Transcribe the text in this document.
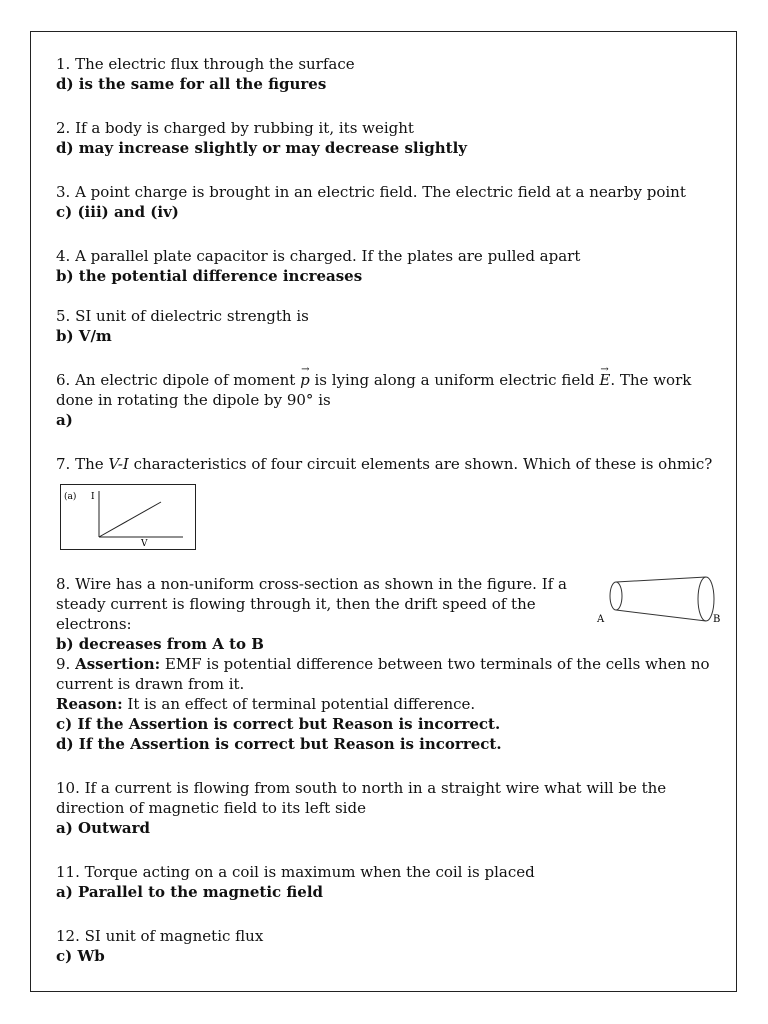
1. The electric flux through the surface

d) is the same for all the figures

2. If a body is charged by rubbing it, its weight

d) may increase slightly or may decrease slightly

3. A point charge is brought in an electric field. The electric field at a nearby point

c) (iii) and (iv)

4. A parallel plate capacitor is charged. If the plates are pulled apart

b) the potential difference increases

5. SI unit of dielectric strength is

b) V/m

6. An electric dipole of moment → p is lying along a uniform electric field → E. The work done in rotating the dipole by 90° is

a)

7. The V-I characteristics of four circuit elements are shown. Which of these is ohmic?

(a) I
V

8. Wire has a non-uniform cross-section as shown in the figure. If a steady current is flowing through it, then the drift speed of the electrons:	A	B

b) decreases from A to B

9. Assertion: EMF is potential difference between two terminals of the cells when no current is drawn from it.

Reason: It is an effect of terminal potential difference.

c) If the Assertion is correct but Reason is incorrect.

d) If the Assertion is correct but Reason is incorrect.

10. If a current is flowing from south to north in a straight wire what will be the direction of magnetic field to its left side

a) Outward

11. Torque acting on a coil is maximum when the coil is placed

a) Parallel to the magnetic field

12. SI unit of magnetic flux

c) Wb
